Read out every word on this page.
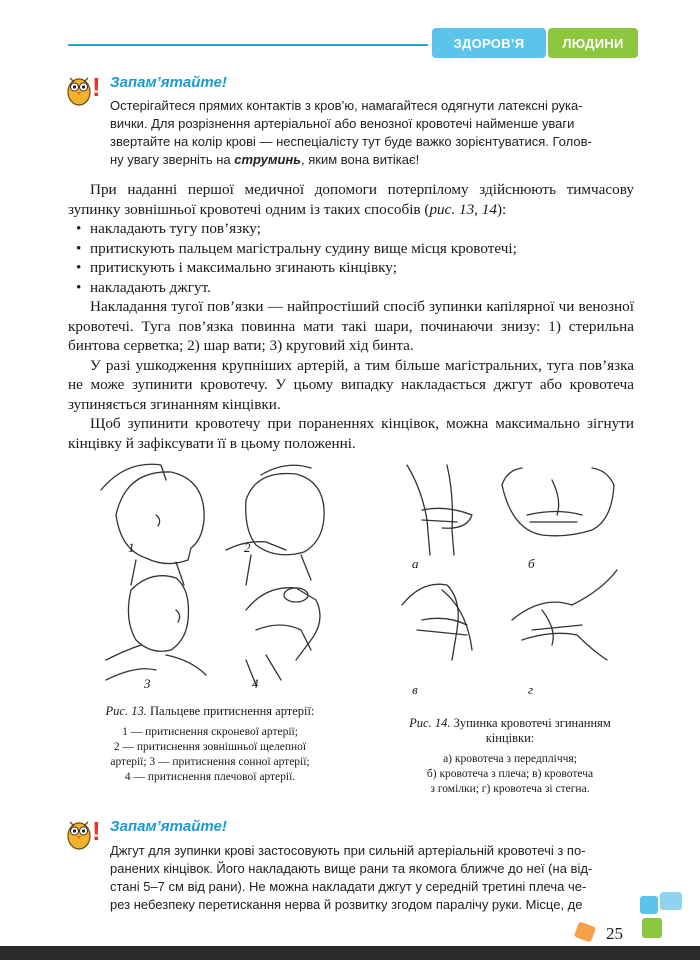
ЗДОРОВ’Я	ЛЮДИНИ
! Запам’ятайте!
Остерігайтеся прямих контактів з кров’ю, намагайтеся одягнути латексні рука-
вички. Для розрізнення артеріальної або венозної кровотечі найменше уваги
звертайте на колір крові — неспеціалісту тут буде важко зорієнтуватися. Голов-
ну увагу зверніть на струминь, яким вона витікає!

При наданні першої медичної допомоги потерпілому здійснюють тимчасову зупинку зовнішньої кровотечі одним із таких способів (рис. 13, 14):

• накладають тугу пов’язку;
• притискують пальцем магістральну судину вище місця кровотечі;
• притискують і максимально згинають кінцівку;
• накладають джгут.

Накладання тугої пов’язки — найпростіший спосіб зупинки капілярної чи венозної кровотечі. Туга пов’язка повинна мати такі шари, починаючи знизу: 1) стерильна бинтова серветка; 2) шар вати; 3) круговий хід бинта.

У разі ушкодження крупніших артерій, а тим більше магістральних, туга пов’язка не може зупинити кровотечу. У цьому випадку накладається джгут або кровотеча зупиняється згинанням кінцівки.

Щоб зупинити кровотечу при пораненнях кінцівок, можна максимально зігнути кінцівку й зафіксувати її в цьому положенні.

1	2
3	4
а	б
в	г
Рис. 13. Пальцеве притиснення артерії:
1 — притиснення скроневої артерії;
2 — притиснення зовнішньої щелепної
артерії; 3 — притиснення сонної артерії;
4 — притиснення плечової артерії.
Рис. 14. Зупинка кровотечі згинанням кінцівки:
а) кровотеча з передпліччя;
б) кровотеча з плеча; в) кровотеча
з гомілки; г) кровотеча зі стегна.
! Запам’ятайте!
Джгут для зупинки крові застосовують при сильній артеріальній кровотечі з по-
ранених кінцівок. Його накладають вище рани та якомога ближче до неї (на від-
стані 5–7 см від рани). Не можна накладати джгут у середній третині плеча че-
рез небезпеку перетискання нерва й розвитку згодом паралічу руки. Місце, де
25
